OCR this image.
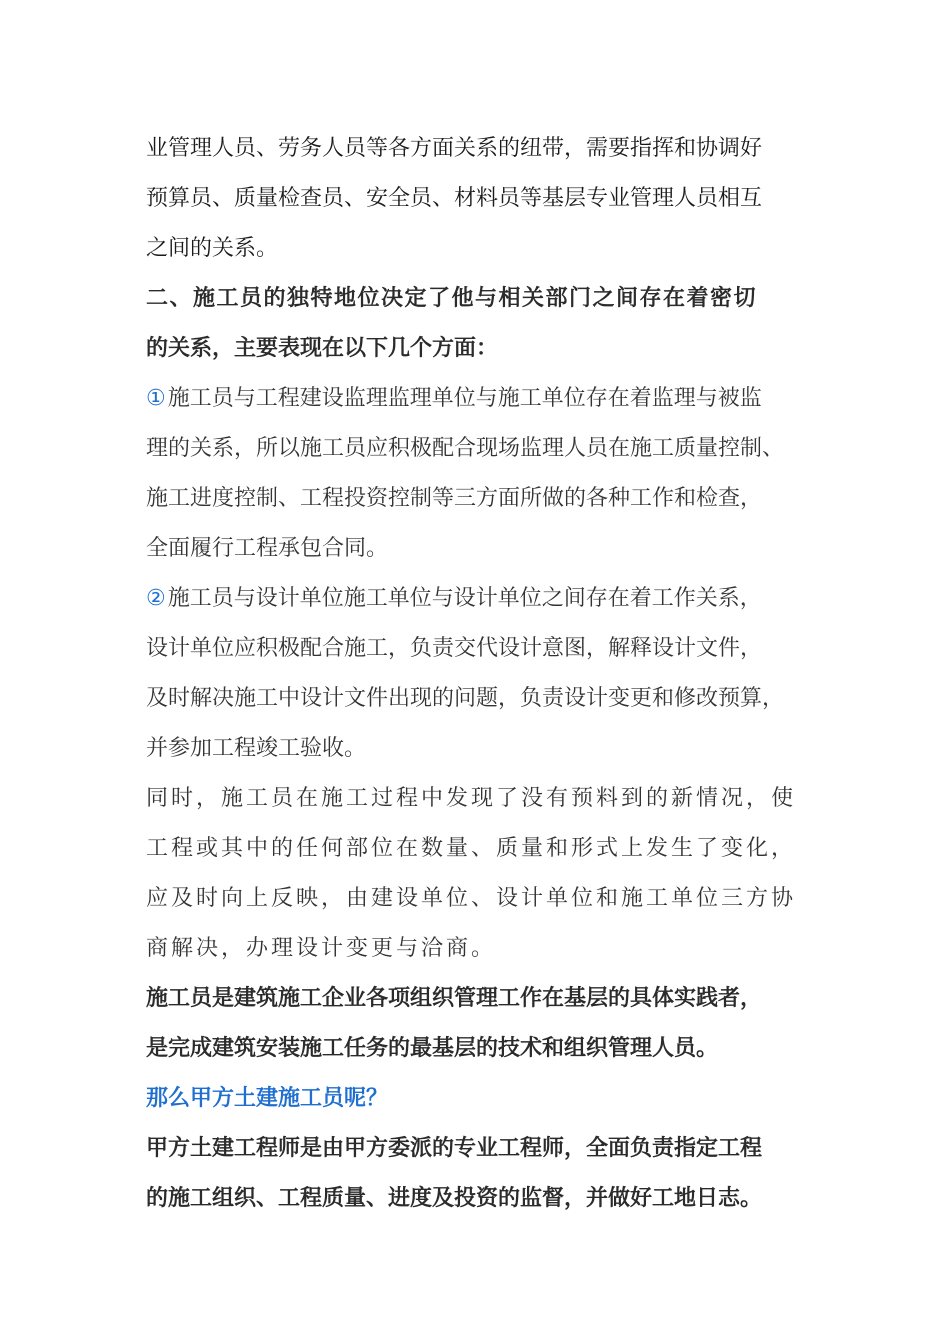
业管理人员、劳务人员等各方面关系的纽带，需要指挥和协调好
预算员、质量检查员、安全员、材料员等基层专业管理人员相互
之间的关系。
二、施工员的独特地位决定了他与相关部门之间存在着密切
的关系，主要表现在以下几个方面：
①施工员与工程建设监理监理单位与施工单位存在着监理与被监
理的关系，所以施工员应积极配合现场监理人员在施工质量控制、
施工进度控制、工程投资控制等三方面所做的各种工作和检查，
全面履行工程承包合同。
②施工员与设计单位施工单位与设计单位之间存在着工作关系，
设计单位应积极配合施工，负责交代设计意图，解释设计文件，
及时解决施工中设计文件出现的问题，负责设计变更和修改预算，
并参加工程竣工验收。
同时，施工员在施工过程中发现了没有预料到的新情况，使
工程或其中的任何部位在数量、质量和形式上发生了变化，
应及时向上反映，由建设单位、设计单位和施工单位三方协
商解决，办理设计变更与洽商。
施工员是建筑施工企业各项组织管理工作在基层的具体实践者，
是完成建筑安装施工任务的最基层的技术和组织管理人员。
那么甲方土建施工员呢？
甲方土建工程师是由甲方委派的专业工程师，全面负责指定工程
的施工组织、工程质量、进度及投资的监督，并做好工地日志。
